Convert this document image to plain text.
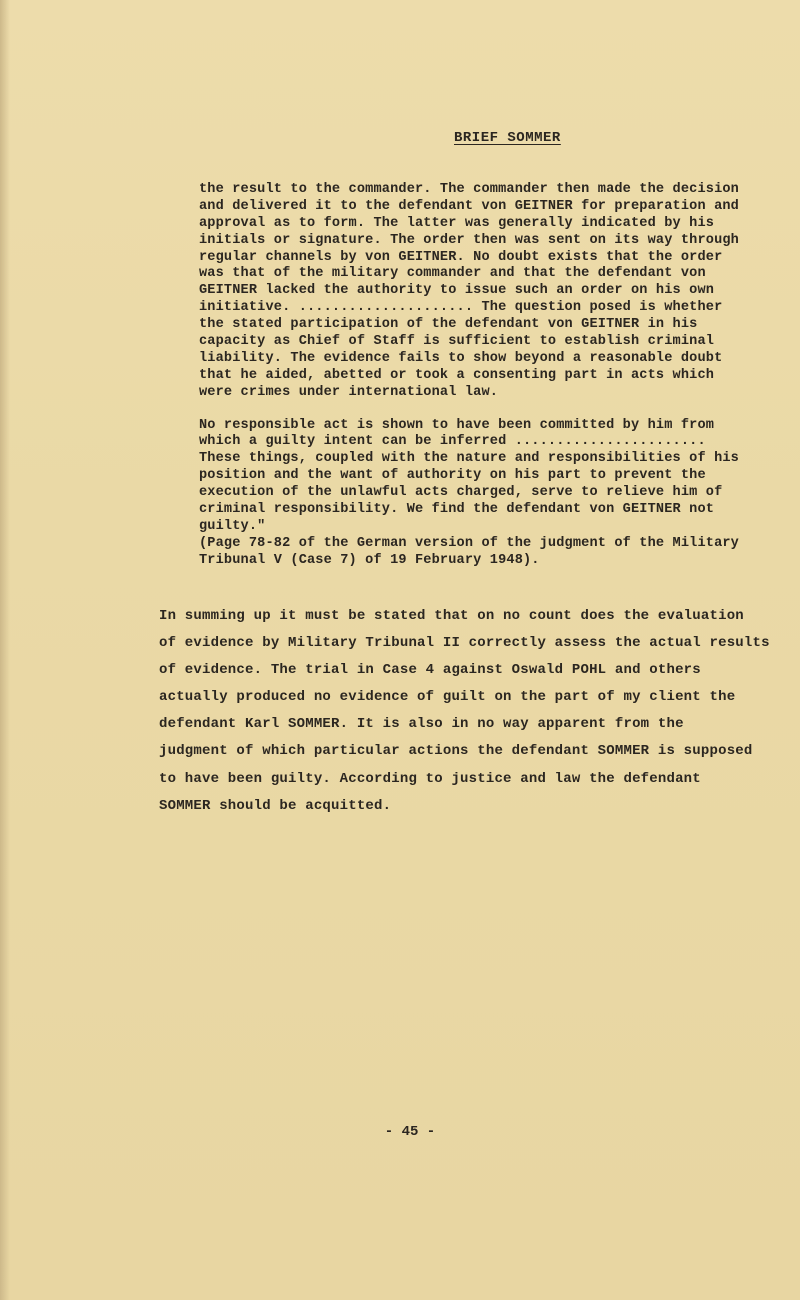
BRIEF SOMMER
the result to the commander. The commander then made the decision
and delivered it to the defendant von GEITNER for preparation and
approval as to form. The latter was generally indicated by his
initials or signature. The order then was sent on its way through
regular channels by von GEITNER. No doubt exists that the order
was that of the military commander and that the defendant von
GEITNER lacked the authority to issue such an order on his own
initiative. ..................... The question posed is whether
the stated participation of the defendant von GEITNER in his
capacity as Chief of Staff is sufficient to establish criminal
liability. The evidence fails to show beyond a reasonable doubt
that he aided, abetted or took a consenting part in acts which
were crimes under international law.
No responsible act is shown to have been committed by him from
which a guilty intent can be inferred .......................
These things, coupled with the nature and responsibilities of his
position and the want of authority on his part to prevent the
execution of the unlawful acts charged, serve to relieve him of
criminal responsibility. We find the defendant von GEITNER not
guilty."
(Page 78-82 of the German version of the judgment of the Military
Tribunal V (Case 7) of 19 February 1948).
In summing up it must be stated that on no count does the evaluation
of evidence by Military Tribunal II correctly assess the actual results
of evidence. The trial in Case 4 against Oswald POHL and others
actually produced no evidence of guilt on the part of my client the
defendant Karl SOMMER. It is also in no way apparent from the
judgment of which particular actions the defendant SOMMER is supposed
to have been guilty. According to justice and law the defendant
SOMMER should be acquitted.
- 45 -
